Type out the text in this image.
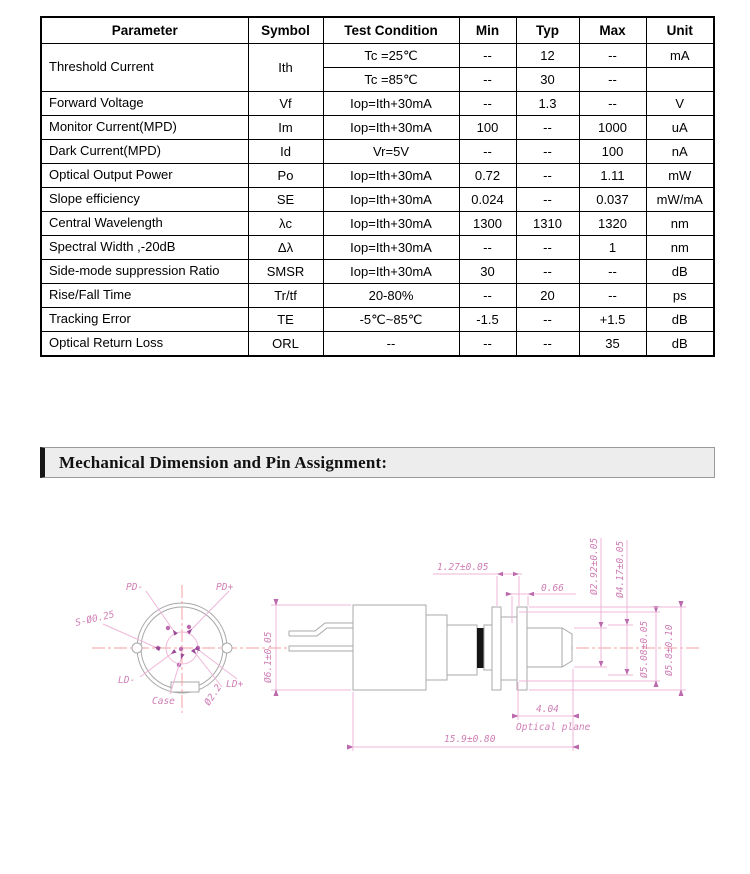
Parameter	Symbol	Test Condition	Min	Typ	Max	Unit
Threshold Current	Ith	Tc =25℃	--	12	--	mA
		Tc =85℃	--	30	--	
Forward Voltage	Vf	Iop=Ith+30mA	--	1.3	--	V
Monitor Current(MPD)	Im	Iop=Ith+30mA	100	--	1000	uA
Dark Current(MPD)	Id	Vr=5V	--	--	100	nA
Optical Output Power	Po	Iop=Ith+30mA	0.72	--	1.11	mW
Slope efficiency	SE	Iop=Ith+30mA	0.024	--	0.037	mW/mA
Central Wavelength	λc	Iop=Ith+30mA	1300	1310	1320	nm
Spectral Width ,-20dB	Δλ	Iop=Ith+30mA	--	--	1	nm
Side-mode suppression Ratio	SMSR	Iop=Ith+30mA	30	--	--	dB
Rise/Fall Time	Tr/tf	20-80%	--	20	--	ps
Tracking Error	TE	-5℃~85℃	-1.5	--	+1.5	dB
Optical Return Loss	ORL	--	--	--	35	dB
Mechanical Dimension and Pin Assignment:
PD-	PD+
S-Ø0.25
LD-	LD+
Case	Ø2.2
Ø6.1±0.05
1.27±0.05
0.66	Ø2.92±0.05 Ø4.17±0.05
Ø5.08±0.05 Ø5.8±0.10
4.04
Optical plane
15.9±0.80
